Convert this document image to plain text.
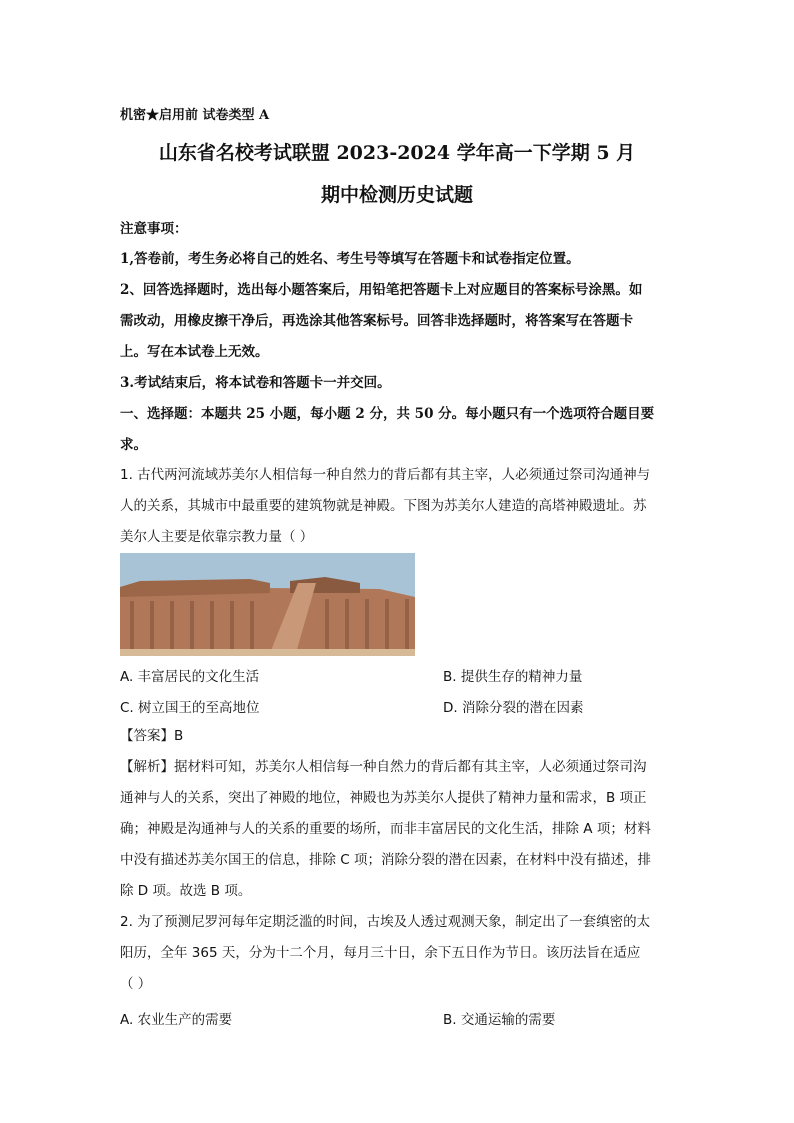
机密★启用前 试卷类型 A
山东省名校考试联盟 2023-2024 学年高一下学期 5 月
期中检测历史试题
注意事项：
1,答卷前，考生务必将自己的姓名、考生号等填写在答题卡和试卷指定位置。
2、回答选择题时，选出每小题答案后，用铅笔把答题卡上对应题目的答案标号涂黑。如
需改动，用橡皮擦干净后，再选涂其他答案标号。回答非选择题时，将答案写在答题卡
上。写在本试卷上无效。
3.考试结束后，将本试卷和答题卡一并交回。
一、选择题：本题共 25 小题，每小题 2 分，共 50 分。每小题只有一个选项符合题目要
求。
1. 古代两河流域苏美尔人相信每一种自然力的背后都有其主宰，人必须通过祭司沟通神与
人的关系，其城市中最重要的建筑物就是神殿。下图为苏美尔人建造的高塔神殿遗址。苏
美尔人主要是依靠宗教力量（ ）
A. 丰富居民的文化生活	B. 提供生存的精神力量
C. 树立国王的至高地位	D. 消除分裂的潜在因素
【答案】B
【解析】据材料可知，苏美尔人相信每一种自然力的背后都有其主宰，人必须通过祭司沟
通神与人的关系，突出了神殿的地位，神殿也为苏美尔人提供了精神力量和需求，B 项正
确；神殿是沟通神与人的关系的重要的场所，而非丰富居民的文化生活，排除 A 项；材料
中没有描述苏美尔国王的信息，排除 C 项；消除分裂的潜在因素，在材料中没有描述，排
除 D 项。故选 B 项。
2. 为了预测尼罗河每年定期泛滥的时间，古埃及人透过观测天象，制定出了一套缜密的太
阳历，全年 365 天，分为十二个月，每月三十日，余下五日作为节日。该历法旨在适应
（ ）
A. 农业生产的需要	B. 交通运输的需要
